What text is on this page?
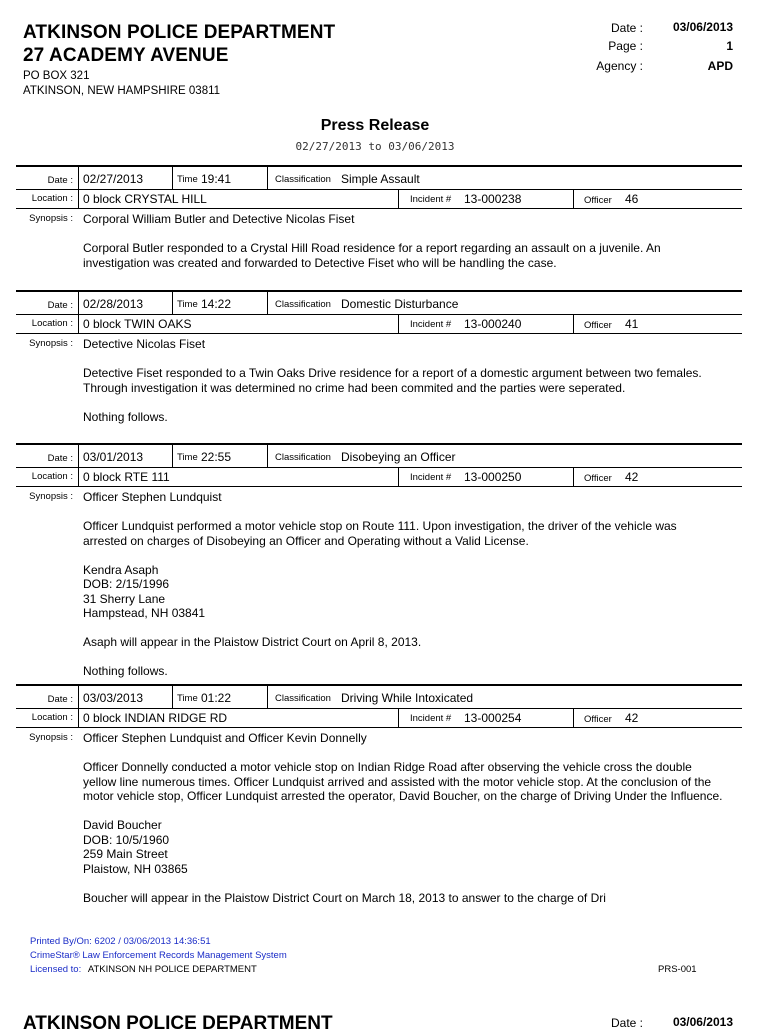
ATKINSON POLICE DEPARTMENT
27 ACADEMY AVENUE
PO BOX 321
ATKINSON, NEW HAMPSHIRE 03811
Date :	03/06/2013
Page :	1
Agency :	APD
Press Release
02/27/2013 to 03/06/2013
Date : 02/27/2013	Time 19:41	Classification Simple Assault
Location : 0 block CRYSTAL HILL	Incident # 13-000238	Officer 46
Synopsis : Corporal William Butler and Detective Nicolas Fiset

Corporal Butler responded to a Crystal Hill Road residence for a report regarding an assault on a juvenile. An investigation was created and forwarded to Detective Fiset who will be handling the case.

Date : 02/28/2013	Time 14:22	Classification Domestic Disturbance
Location : 0 block TWIN OAKS	Incident # 13-000240	Officer 41
Synopsis : Detective Nicolas Fiset

Detective Fiset responded to a Twin Oaks Drive residence for a report of a domestic argument between two females. Through investigation it was determined no crime had been commited and the parties were seperated.

Nothing follows.

Date : 03/01/2013	Time 22:55	Classification Disobeying an Officer
Location : 0 block RTE 111	Incident # 13-000250	Officer 42
Synopsis : Officer Stephen Lundquist

Officer Lundquist performed a motor vehicle stop on Route 111. Upon investigation, the driver of the vehicle was arrested on charges of Disobeying an Officer and Operating without a Valid License.

Kendra Asaph
DOB: 2/15/1996
31 Sherry Lane
Hampstead, NH 03841

Asaph will appear in the Plaistow District Court on April 8, 2013.

Nothing follows.

Date : 03/03/2013	Time 01:22	Classification Driving While Intoxicated
Location : 0 block INDIAN RIDGE RD	Incident # 13-000254	Officer 42
Synopsis : Officer Stephen Lundquist and Officer Kevin Donnelly

Officer Donnelly conducted a motor vehicle stop on Indian Ridge Road after observing the vehicle cross the double yellow line numerous times. Officer Lundquist arrived and assisted with the motor vehicle stop. At the conclusion of the motor vehicle stop, Officer Lundquist arrested the operator, David Boucher, on the charge of Driving Under the Influence.

David Boucher
DOB: 10/5/1960
259 Main Street
Plaistow, NH 03865

Boucher will appear in the Plaistow District Court on March 18, 2013 to answer to the charge of Dri

Printed By/On: 6202 / 03/06/2013 14:36:51
CrimeStar® Law Enforcement Records Management System
Licensed to: ATKINSON NH POLICE DEPARTMENT	PRS-001
ATKINSON POLICE DEPARTMENT	Date :	03/06/2013
